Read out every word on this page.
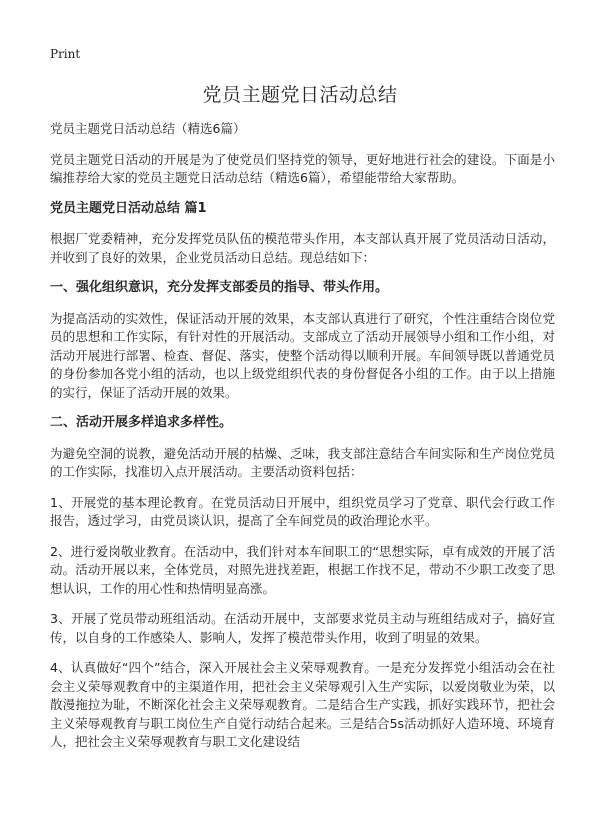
Print
党员主题党日活动总结

党员主题党日活动总结（精选6篇）

党员主题党日活动的开展是为了使党员们坚持党的领导，更好地进行社会的建设。下面是小编推荐给大家的党员主题党日活动总结（精选6篇），希望能带给大家帮助。

党员主题党日活动总结 篇1

根据厂党委精神，充分发挥党员队伍的模范带头作用，本支部认真开展了党员活动日活动，并收到了良好的效果，企业党员活动日总结。现总结如下：

一、强化组织意识，充分发挥支部委员的指导、带头作用。

为提高活动的实效性，保证活动开展的效果，本支部认真进行了研究，个性注重结合岗位党员的思想和工作实际，有针对性的开展活动。支部成立了活动开展领导小组和工作小组，对活动开展进行部署、检查、督促、落实，使整个活动得以顺利开展。车间领导既以普通党员的身份参加各党小组的活动，也以上级党组织代表的身份督促各小组的工作。由于以上措施的实行，保证了活动开展的效果。

二、活动开展多样追求多样性。

为避免空洞的说教，避免活动开展的枯燥、乏味，我支部注意结合车间实际和生产岗位党员的工作实际，找准切入点开展活动。主要活动资料包括：

1、开展党的基本理论教育。在党员活动日开展中，组织党员学习了党章、职代会行政工作报告，透过学习，由党员谈认识，提高了全车间党员的政治理论水平。

2、进行爱岗敬业教育。在活动中，我们针对本车间职工的“思想实际，卓有成效的开展了活动。活动开展以来，全体党员，对照先进找差距，根据工作找不足，带动不少职工改变了思想认识，工作的用心性和热情明显高涨。

3、开展了党员带动班组活动。在活动开展中，支部要求党员主动与班组结成对子，搞好宣传，以自身的工作感染人、影响人，发挥了模范带头作用，收到了明显的效果。

4、认真做好“四个”结合，深入开展社会主义荣辱观教育。一是充分发挥党小组活动会在社会主义荣辱观教育中的主渠道作用，把社会主义荣辱观引入生产实际，以爱岗敬业为荣，以散漫拖拉为耻，不断深化社会主义荣辱观教育。二是结合生产实践，抓好实践环节，把社会主义荣辱观教育与职工岗位生产自觉行动结合起来。三是结合5s活动抓好人造环境、环境育人，把社会主义荣辱观教育与职工文化建设结
